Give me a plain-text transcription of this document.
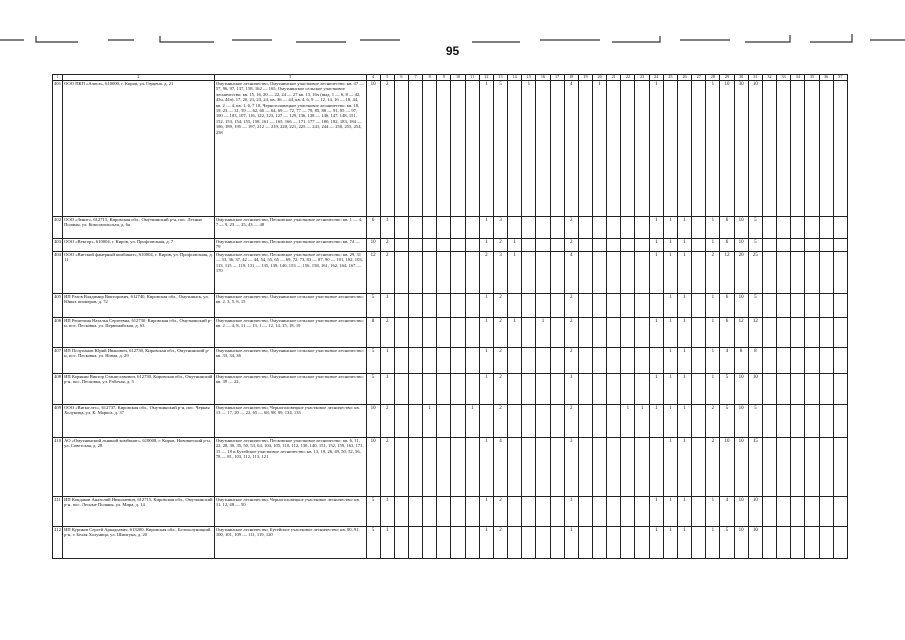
95
1	2	3	4	5	6	7	8	9	10	11	12	13	14	15	16	17	18	19	20	21	22	23	24	25	26	27	28	29	30	31	32	33	34	35	36	37
401	ООО ПКП «Алиса», 610000, г. Киров, ул. Герцена, д. 21	Омутнинское лесничество, Омутнинское участковое лесничество: кв. 47 — 57, 96, 97, 137, 158, 162 — 165, Омутнинское сельское участковое лесничество: кв. 15, 16, 20 — 22, 24 — 27 кв. 13, 16ч (выд. 1 — 6, 8 — 42, 43ч, 44ч), 17, 20, 21, 23, 24, кв. 36 — 44, кв. 4, 6, 9 — 12, 14, 16 — 18, 44, кв. 2 — 4, кв. 1, 6, 7 10, Черноголовецкое участковое лесничество: кв. 18, 19, 23 — 31, 59 — 62, 60 — 64, 69 — 72, 77 — 79, 85, 88 — 91, 95 — 97, 100 — 103, 107, 116, 122, 123, 127 — 129, 136, 138 — 146, 147, 148, 151, 152, 153, 154, 155, 158, 161 — 165, 166 — 171, 177 — 180, 182, 183, 184 — 186, 189, 195 — 197, 212 — 219, 220, 221, 225 — 241, 244 — 250, 253, 254, 258	10	2							1	5		1			4		1				1				1	10	30	10						
402	ООО «Зенит», 612715, Кировская обл., Омутнинский р-н, пос. Лесные Поляны, ул. Комсомольская, д. 6а	Омутнинское лесничество, Песковское участковое лесничество: кв. 1 — 4, 7 — 9, 23 — 25, 43 — 48	6	1							1	3					2						1	1	1		1	6	10	5						
403	ООО «Вектор», 610004, г. Киров, ул. Профсоюзная, д. 7	Омутнинское лесничество, Песковское участковое лесничество: кв. 74 — 79	10	2							1	2	1				2						1	1	1		1	6	10	5						
404	ООО «Вятский фанерный комбинат», 610004, г. Киров, ул. Профсоюзная, д. 11	Омутнинское лесничество, Песковское участковое лесничество: кв. 29, 31 — 33, 36, 37, 42 — 44, 54, 55, 65 — 69, 72, 73, 83 — 87, 90 — 101, 102, 103, 113, 115 — 119, 131 — 135, 139, 140, 153 — 156, 158, 161, 162, 164, 167 — 170	12	2							2	3	1				4						1	1	1		2	12	20	25						
405	ИП Разов Владимир Викторович, 612740, Кировская обл., Омутнинск, ул. Юных пионеров, д. 72	Омутнинское лесничество, Омутнинское сельское участковое лесничество: кв. 2, 3, 5, 8, 15	5	1							1	2					2							1	1		1	6	10	5						
406	ИП Решетина Наталья Сергеевна, 612730, Кировская обл., Омутнинский р-н, пос. Песковка, ул. Первомайская, д. 63	Омутнинское лесничество, Омутнинское сельское участковое лесничество: кв. 2 — 4, 8, 11 — 13, 1 — 12, 14, 15, 18, 19	8	2							1	2	1		1		2						1	1	1		1	6	12	12						
407	ИП Полупанов Юрий Иванович, 612730, Кировская обл., Омутнинский р-н, пос. Песковка, ул. Новая, д. 29	Омутнинское лесничество, Омутнинское сельское участковое лесничество: кв. 33, 34, 36	5	1							1	2					2							1	1		1	4	8	8						
408	ИП Корякин Виктор Станиславович, 612730, Кировская обл., Омутнинский р-н, пос. Песковка, ул. Рабочая, д. 5	Омутнинское лесничество, Омутнинское сельское участковое лесничество: кв. 39 — 22,	5	1							1	2					1						1	1	1		1	5	10	10						
409	ООО «Вятка-лес», 612737, Кировская обл., Омутнинский р-н, пос. Черная Холуница, ул. К. Маркса, д. 37	Омутнинское лесничество, Черноголовецкое участковое лесничество: кв. 13 — 17, 20 — 22, 65 — 68, 98, 99, 134, 135	10	2			1			1		2					2				1	1	1	1	1		2	5	10	5						
410	АО «Омутнинский льняной комбинат», 610008, г. Киров, Нововятский р-н, ул. Советская, д. 28	Омутнинское лесничество, Песковское участковое лесничество: кв. 6, 11, 22, 28, 30, 35, 50, 53, 64, 104, 105, 110, 112, 130, 140, 151, 152, 159, 163, 171, 15 — 18 и Бутейское участковое лесничество: кв. 13, 19, 26, 49, 50, 52, 56, 78 — 81, 103, 112, 113, 121	10	2							1	4					3							1	1		2	10	10	15						
411	ИП Кондаков Анатолий Николаевич, 612715, Кировская обл., Омутнинский р-н, пос. Лесные Поляны, ул. Мира, д. 14	Омутнинское лесничество, Черноголовецкое участковое лесничество: кв. 11, 12, 48 — 50	5	1							1	2					1						1	1	1		1	4	10	10						
412	ИП Куриков Сергей Аркадьевич, 613200, Кировская обл., Белохолуницкий р-н, г. Белая Холуница, ул. Шмигуна, д. 20	Омутнинское лесничество, Бутейское участковое лесничество: кв. 90, 91, 100, 101, 109 — 111, 119, 120	5	1							1	2					1						1	1	1		1	5	10	10						
